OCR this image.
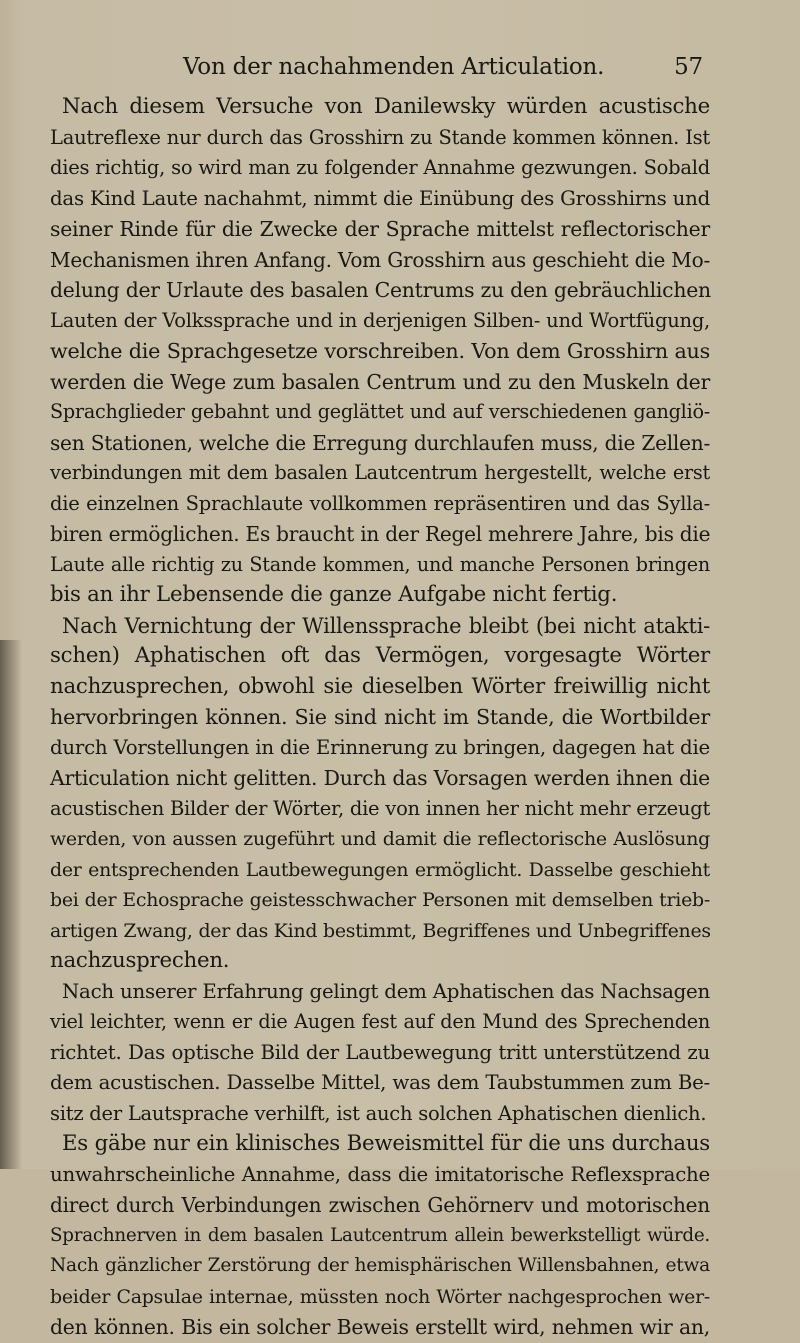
Von der nachahmenden Articulation.	57
Nach diesem Versuche von Danilewsky würden acustische
Lautreflexe nur durch das Grosshirn zu Stande kommen können. Ist
dies richtig, so wird man zu folgender Annahme gezwungen. Sobald
das Kind Laute nachahmt, nimmt die Einübung des Grosshirns und
seiner Rinde für die Zwecke der Sprache mittelst reflectorischer
Mechanismen ihren Anfang. Vom Grosshirn aus geschieht die Mo-
delung der Urlaute des basalen Centrums zu den gebräuchlichen
Lauten der Volkssprache und in derjenigen Silben- und Wortfügung,
welche die Sprachgesetze vorschreiben. Von dem Grosshirn aus
werden die Wege zum basalen Centrum und zu den Muskeln der
Sprachglieder gebahnt und geglättet und auf verschiedenen gangliö-
sen Stationen, welche die Erregung durchlaufen muss, die Zellen-
verbindungen mit dem basalen Lautcentrum hergestellt, welche erst
die einzelnen Sprachlaute vollkommen repräsentiren und das Sylla-
biren ermöglichen. Es braucht in der Regel mehrere Jahre, bis die
Laute alle richtig zu Stande kommen, und manche Personen bringen
bis an ihr Lebensende die ganze Aufgabe nicht fertig.
Nach Vernichtung der Willenssprache bleibt (bei nicht atakti-
schen) Aphatischen oft das Vermögen, vorgesagte Wörter
nachzusprechen, obwohl sie dieselben Wörter freiwillig nicht
hervorbringen können. Sie sind nicht im Stande, die Wortbilder
durch Vorstellungen in die Erinnerung zu bringen, dagegen hat die
Articulation nicht gelitten. Durch das Vorsagen werden ihnen die
acustischen Bilder der Wörter, die von innen her nicht mehr erzeugt
werden, von aussen zugeführt und damit die reflectorische Auslösung
der entsprechenden Lautbewegungen ermöglicht. Dasselbe geschieht
bei der Echosprache geistesschwacher Personen mit demselben trieb-
artigen Zwang, der das Kind bestimmt, Begriffenes und Unbegriffenes
nachzusprechen.
Nach unserer Erfahrung gelingt dem Aphatischen das Nachsagen
viel leichter, wenn er die Augen fest auf den Mund des Sprechenden
richtet. Das optische Bild der Lautbewegung tritt unterstützend zu
dem acustischen. Dasselbe Mittel, was dem Taubstummen zum Be-
sitz der Lautsprache verhilft, ist auch solchen Aphatischen dienlich.
Es gäbe nur ein klinisches Beweismittel für die uns durchaus
unwahrscheinliche Annahme, dass die imitatorische Reflexsprache
direct durch Verbindungen zwischen Gehörnerv und motorischen
Sprachnerven in dem basalen Lautcentrum allein bewerkstelligt würde.
Nach gänzlicher Zerstörung der hemisphärischen Willensbahnen, etwa
beider Capsulae internae, müssten noch Wörter nachgesprochen wer-
den können. Bis ein solcher Beweis erstellt wird, nehmen wir an,
